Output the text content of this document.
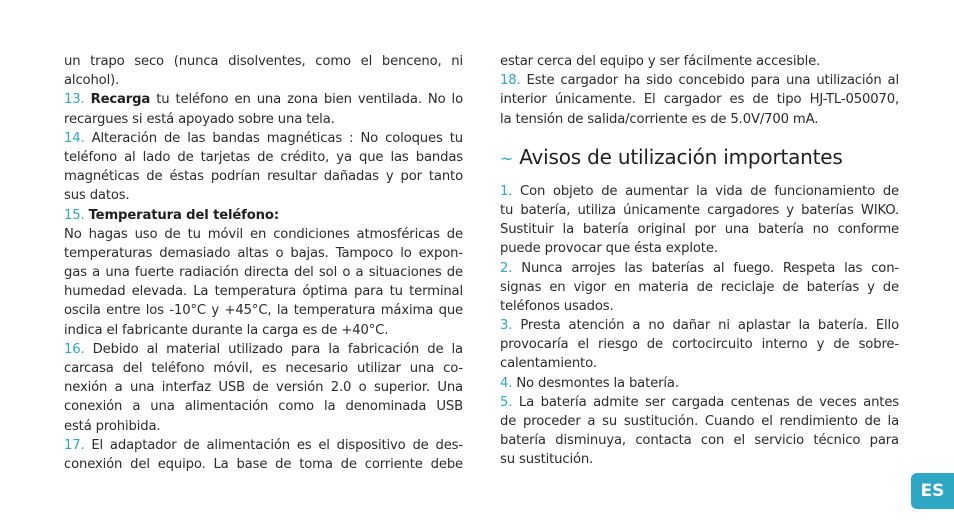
un trapo seco (nunca disolventes, como el benceno, ni
alcohol).
13. Recarga tu teléfono en una zona bien ventilada. No lo
recargues si está apoyado sobre una tela.
14. Alteración de las bandas magnéticas : No coloques tu
teléfono al lado de tarjetas de crédito, ya que las bandas
magnéticas de éstas podrían resultar dañadas y por tanto
sus datos.
15. Temperatura del teléfono:
No hagas uso de tu móvil en condiciones atmosféricas de
temperaturas demasiado altas o bajas. Tampoco lo expon-
gas a una fuerte radiación directa del sol o a situaciones de
humedad elevada. La temperatura óptima para tu terminal
oscila entre los -10°C y +45°C, la temperatura máxima que
indica el fabricante durante la carga es de +40°C.
16. Debido al material utilizado para la fabricación de la
carcasa del teléfono móvil, es necesario utilizar una co-
nexión a una interfaz USB de versión 2.0 o superior. Una
conexión a una alimentación como la denominada USB
está prohibida.
17. El adaptador de alimentación es el dispositivo de des-
conexión del equipo. La base de toma de corriente debe
estar cerca del equipo y ser fácilmente accesible.
18. Este cargador ha sido concebido para una utilización al
interior únicamente. El cargador es de tipo HJ-TL-050070,
la tensión de salida/corriente es de 5.0V/700 mA.
~ Avisos de utilización importantes
1. Con objeto de aumentar la vida de funcionamiento de
tu batería, utiliza únicamente cargadores y baterías WIKO.
Sustituir la batería original por una batería no conforme
puede provocar que ésta explote.
2. Nunca arrojes las baterías al fuego. Respeta las con-
signas en vigor en materia de reciclaje de baterías y de
teléfonos usados.
3. Presta atención a no dañar ni aplastar la batería. Ello
provocaría el riesgo de cortocircuito interno y de sobre-
calentamiento.
4. No desmontes la batería.
5. La batería admite ser cargada centenas de veces antes
de proceder a su sustitución. Cuando el rendimiento de la
batería disminuya, contacta con el servicio técnico para
su sustitución.
ES
